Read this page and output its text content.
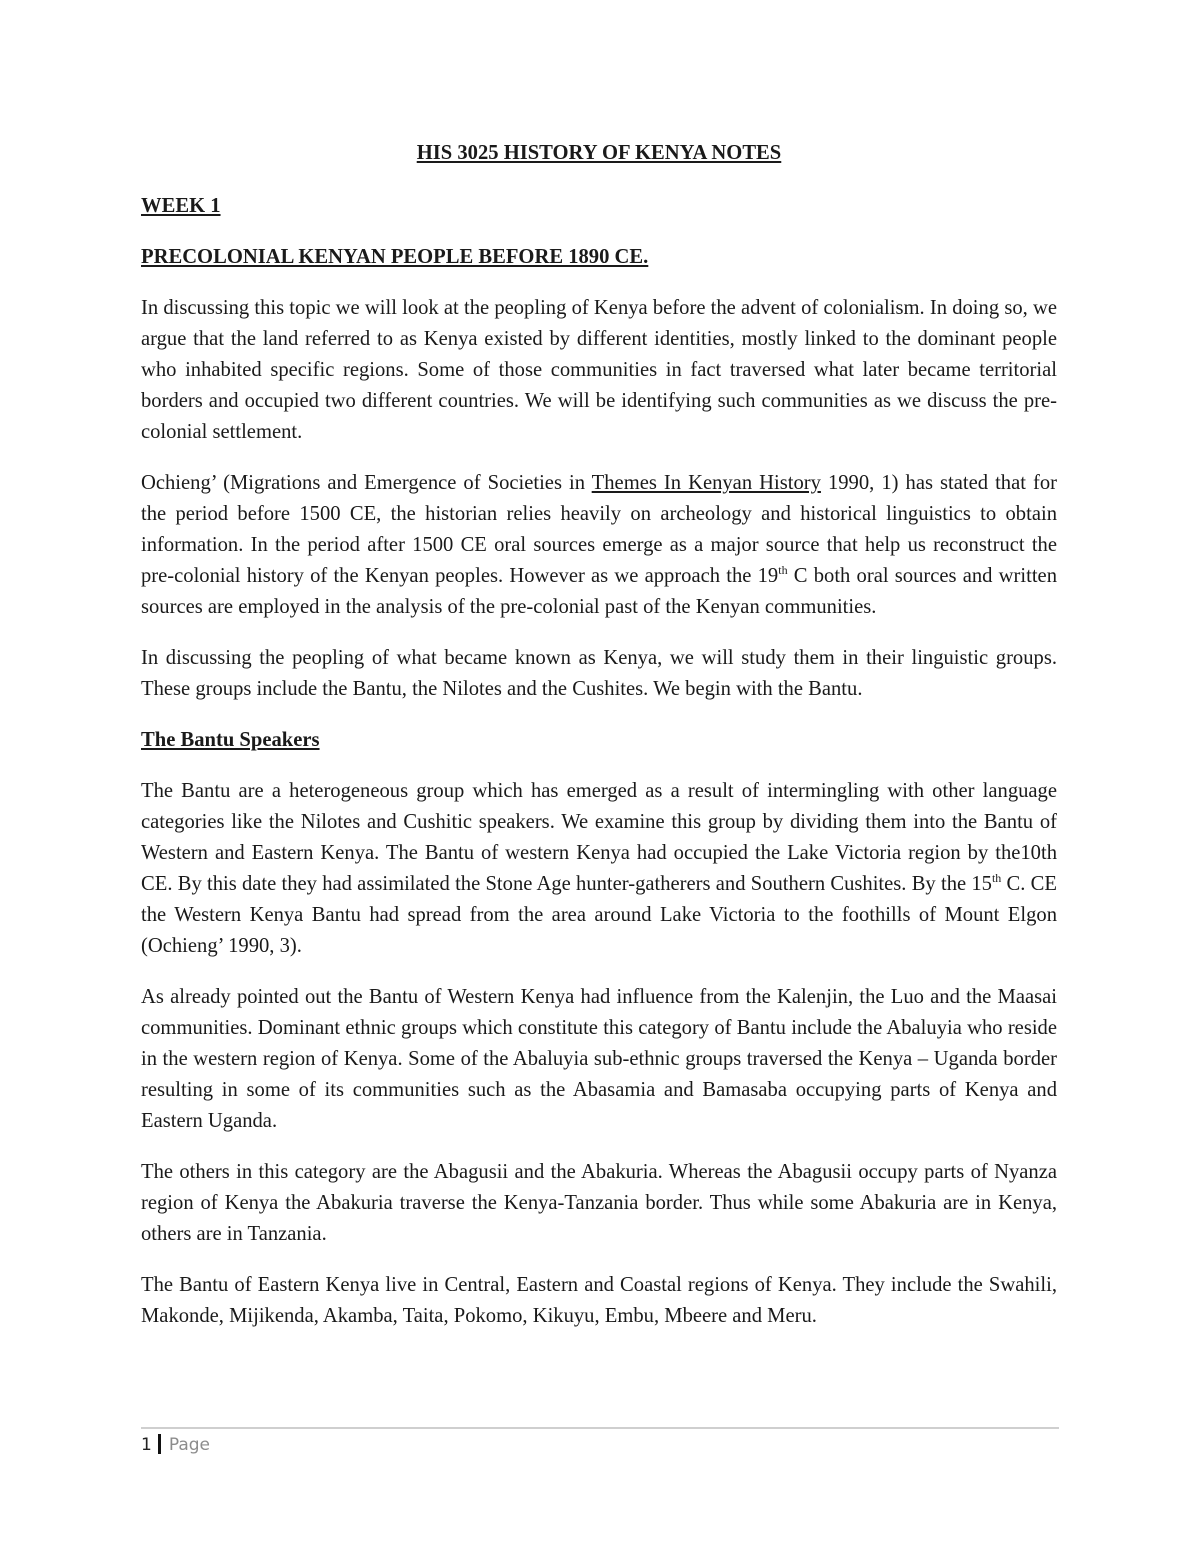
HIS 3025 HISTORY OF KENYA NOTES
WEEK 1
PRECOLONIAL KENYAN PEOPLE BEFORE 1890 CE.

In discussing this topic we will look at the peopling of Kenya before the advent of colonialism. In doing so, we argue that the land referred to as Kenya existed by different identities, mostly linked to the dominant people who inhabited specific regions. Some of those communities in fact traversed what later became territorial borders and occupied two different countries. We will be identifying such communities as we discuss the pre-colonial settlement.

Ochieng’ (Migrations and Emergence of Societies in Themes In Kenyan History 1990, 1) has stated that for the period before 1500 CE, the historian relies heavily on archeology and historical linguistics to obtain information. In the period after 1500 CE oral sources emerge as a major source that help us reconstruct the pre-colonial history of the Kenyan peoples. However as we approach the 19th C both oral sources and written sources are employed in the analysis of the pre-colonial past of the Kenyan communities.

In discussing the peopling of what became known as Kenya, we will study them in their linguistic groups. These groups include the Bantu, the Nilotes and the Cushites. We begin with the Bantu.

The Bantu Speakers

The Bantu are a heterogeneous group which has emerged as a result of intermingling with other language categories like the Nilotes and Cushitic speakers. We examine this group by dividing them into the Bantu of Western and Eastern Kenya. The Bantu of western Kenya had occupied the Lake Victoria region by the10th CE. By this date they had assimilated the Stone Age hunter-gatherers and Southern Cushites. By the 15th C. CE the Western Kenya Bantu had spread from the area around Lake Victoria to the foothills of Mount Elgon (Ochieng’ 1990, 3).

As already pointed out the Bantu of Western Kenya had influence from the Kalenjin, the Luo and the Maasai communities. Dominant ethnic groups which constitute this category of Bantu include the Abaluyia who reside in the western region of Kenya. Some of the Abaluyia sub-ethnic groups traversed the Kenya – Uganda border resulting in some of its communities such as the Abasamia and Bamasaba occupying parts of Kenya and Eastern Uganda.

The others in this category are the Abagusii and the Abakuria. Whereas the Abagusii occupy parts of Nyanza region of Kenya the Abakuria traverse the Kenya-Tanzania border. Thus while some Abakuria are in Kenya, others are in Tanzania.

The Bantu of Eastern Kenya live in Central, Eastern and Coastal regions of Kenya. They include the Swahili, Makonde, Mijikenda, Akamba, Taita, Pokomo, Kikuyu, Embu, Mbeere and Meru.

1 Page
